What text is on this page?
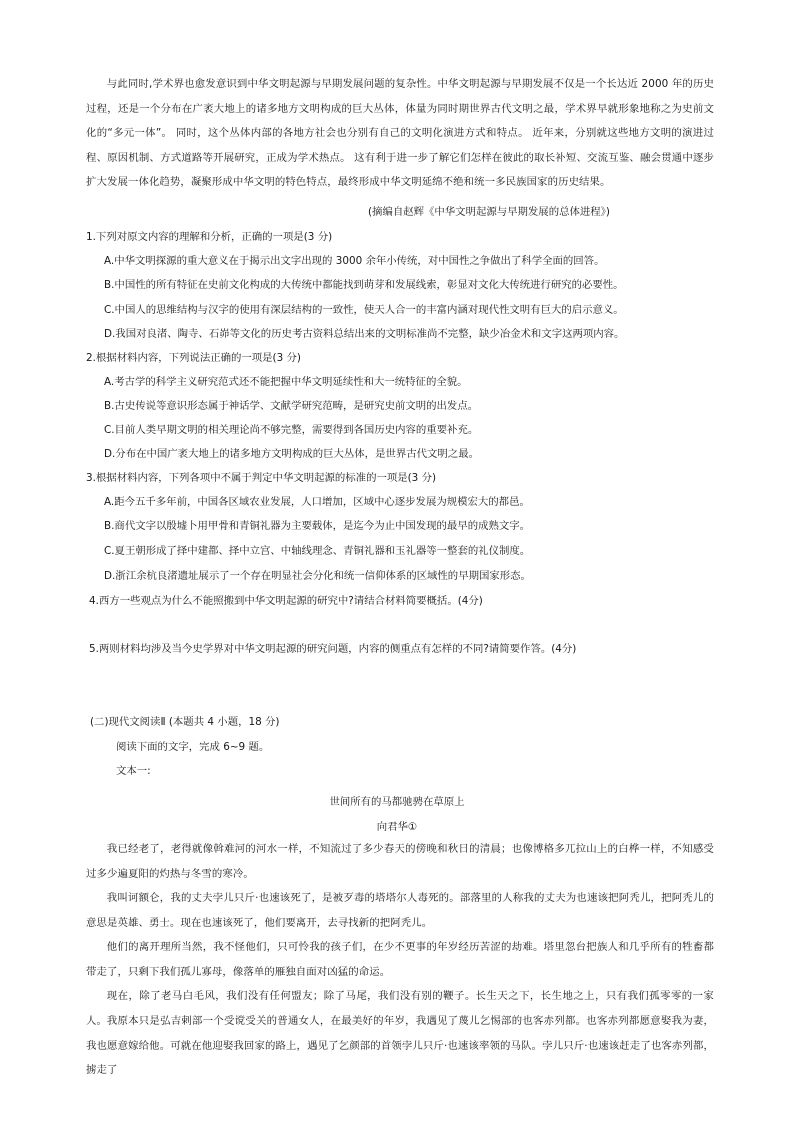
与此同时,学术界也愈发意识到中华文明起源与早期发展问题的复杂性。中华文明起源与早期发展不仅是一个长达近 2000 年的历史过程，还是一个分布在广袤大地上的诸多地方文明构成的巨大丛体，体量为同时期世界古代文明之最，学术界早就形象地称之为史前文化的“多元一体”。 同时，这个丛体内部的各地方社会也分别有自己的文明化演进方式和特点。 近年来，分别就这些地方文明的演进过程、原因机制、方式道路等开展研究，正成为学术热点。 这有利于进一步了解它们怎样在彼此的取长补短、交流互鉴、融会贯通中逐步扩大发展一体化趋势，凝聚形成中华文明的特色特点，最终形成中华文明延绵不绝和统一多民族国家的历史结果。

(摘编自赵辉《中华文明起源与早期发展的总体进程》)
1.下列对原文内容的理解和分析，正确的一项是(3 分)
A.中华文明探源的重大意义在于揭示出文字出现的 3000 余年小传统，对中国性之争做出了科学全面的回答。
B.中国性的所有特征在史前文化构成的大传统中都能找到萌芽和发展线索，彰显对文化大传统进行研究的必要性。
C.中国人的思维结构与汉字的使用有深层结构的一致性，使天人合一的丰富内涵对现代性文明有巨大的启示意义。
D.我国对良渚、陶寺、石峁等文化的历史考古资料总结出来的文明标准尚不完整，缺少冶金术和文字这两项内容。
2.根据材料内容，下列说法正确的一项是(3 分)
A.考古学的科学主义研究范式还不能把握中华文明延续性和大一统特征的全貌。
B.古史传说等意识形态属于神话学、文献学研究范畴，是研究史前文明的出发点。
C.目前人类早期文明的相关理论尚不够完整，需要得到各国历史内容的重要补充。
D.分布在中国广袤大地上的诸多地方文明构成的巨大丛体，是世界古代文明之最。
3.根据材料内容，下列各项中不属于判定中华文明起源的标准的一项是(3 分)
A.距今五千多年前，中国各区域农业发展，人口增加，区域中心逐步发展为规模宏大的都邑。
B.商代文字以殷墟卜用甲骨和青铜礼器为主要载体，是迄今为止中国发现的最早的成熟文字。
C.夏王朝形成了择中建都、择中立宫、中轴线理念、青铜礼器和玉礼器等一整套的礼仪制度。
D.浙江余杭良渚遗址展示了一个存在明显社会分化和统一信仰体系的区域性的早期国家形态。
4.西方一些观点为什么不能照搬到中华文明起源的研究中?请结合材料简要概括。(4分)
5.两则材料均涉及当今史学界对中华文明起源的研究问题，内容的侧重点有怎样的不同?请简要作答。(4分)
(二)现代文阅读Ⅱ (本题共 4 小题，18 分)
阅读下面的文字，完成 6~9 题。
文本一:
世间所有的马都驰骋在草原上
向君华①

我已经老了，老得就像斡难河的河水一样，不知流过了多少春天的傍晚和秋日的清晨；也像博格多兀拉山上的白桦一样，不知感受过多少遍夏阳的灼热与冬雪的寒冷。

我叫诃额仑，我的丈夫孛儿只斤·也速该死了，是被歹毒的塔塔尔人毒死的。部落里的人称我的丈夫为也速该把阿秃儿，把阿秃儿的意思是英雄、勇士。现在也速该死了，他们要离开，去寻找新的把阿秃儿。

他们的离开理所当然，我不怪他们，只可怜我的孩子们，在少不更事的年岁经历苦涩的劫难。塔里忽台把族人和几乎所有的牲畜都带走了，只剩下我们孤儿寡母，像落单的雁独自面对凶猛的命运。

现在，除了老马白毛风，我们没有任何盟友；除了马尾，我们没有别的鞭子。长生天之下，长生地之上，只有我们孤零零的一家人。 我原本只是弘吉剌部一个受谠受关的普通女人，在最美好的年岁，我遇见了蔑儿乞惕部的也客赤列都。也客赤列都愿意娶我为妻，我也愿意嫁给他。可就在他迎娶我回家的路上，遇见了乞颜部的首领孛儿只斤·也速该率领的马队。孛儿只斤·也速该赶走了也客赤列都，掳走了
